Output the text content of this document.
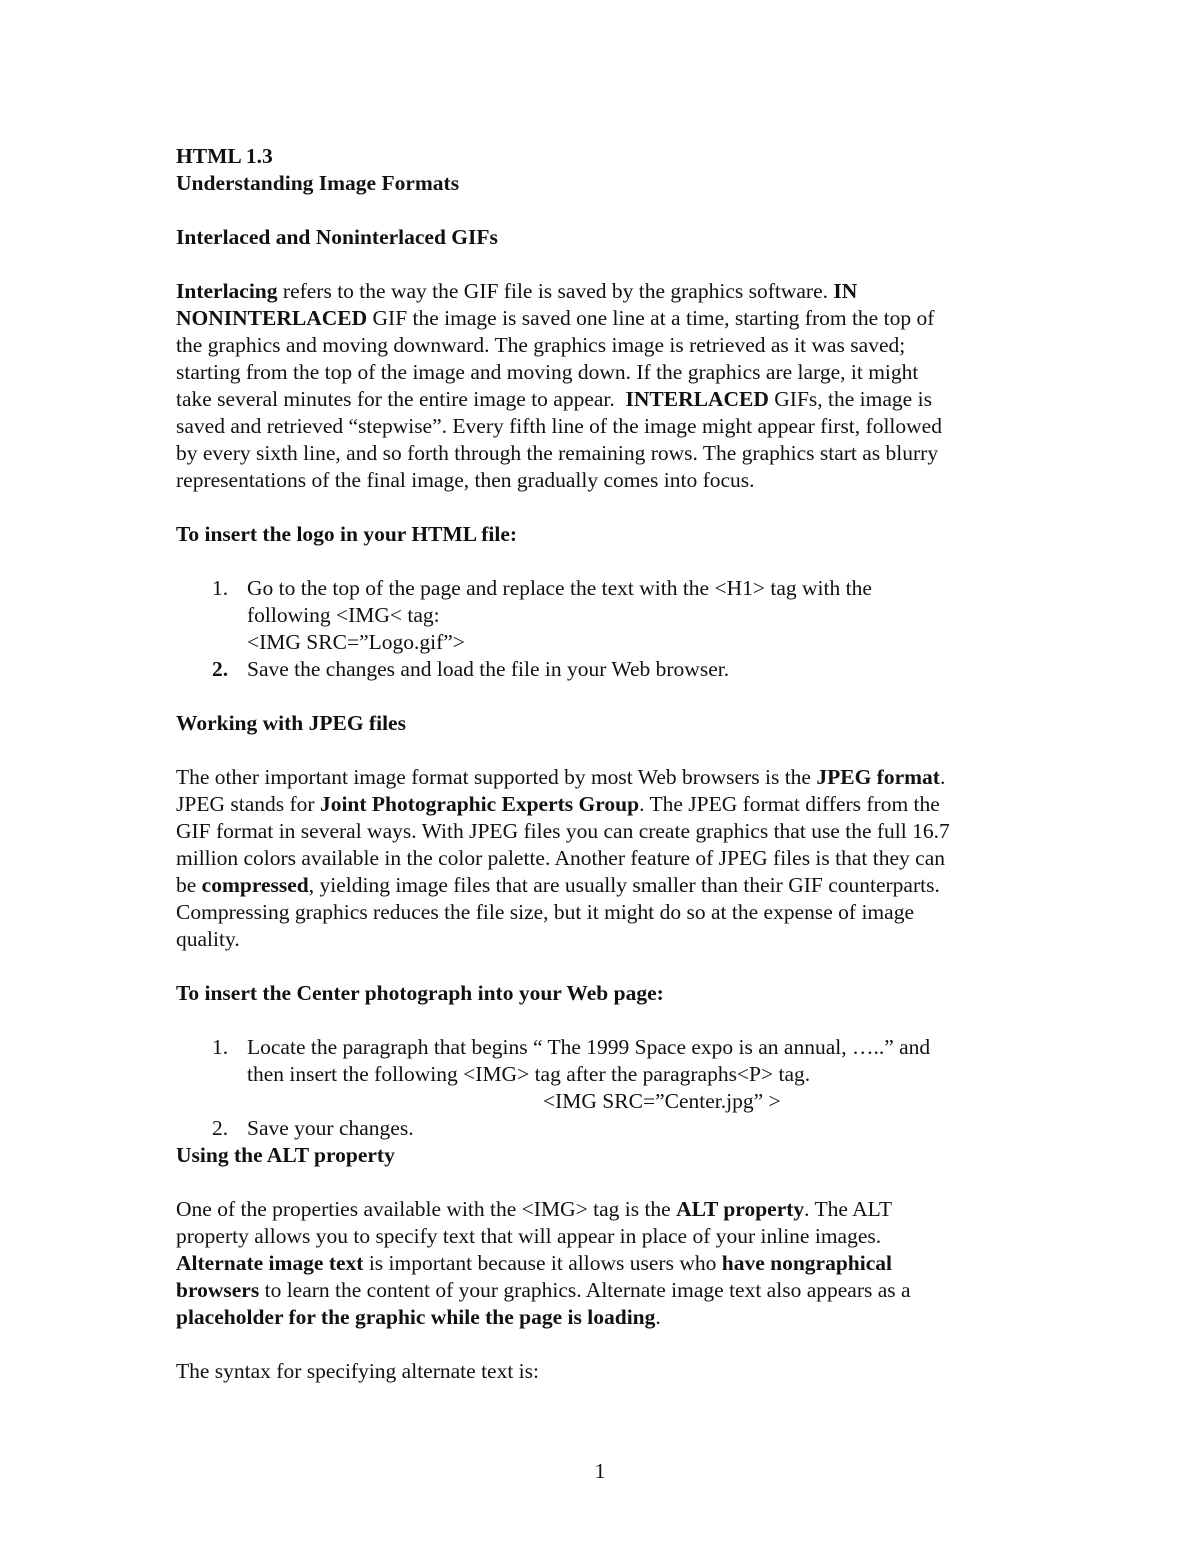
HTML 1.3
Understanding Image Formats
Interlaced and Noninterlaced GIFs
Interlacing refers to the way the GIF file is saved by the graphics software. IN
NONINTERLACED GIF the image is saved one line at a time, starting from the top of
the graphics and moving downward. The graphics image is retrieved as it was saved;
starting from the top of the image and moving down. If the graphics are large, it might
take several minutes for the entire image to appear.  INTERLACED GIFs, the image is
saved and retrieved “stepwise”. Every fifth line of the image might appear first, followed
by every sixth line, and so forth through the remaining rows. The graphics start as blurry
representations of the final image, then gradually comes into focus.
To insert the logo in your HTML file:
1. Go to the top of the page and replace the text with the <H1> tag with the
following <IMG< tag:
<IMG SRC=”Logo.gif”>
2. Save the changes and load the file in your Web browser.
Working with JPEG files
The other important image format supported by most Web browsers is the JPEG format.
JPEG stands for Joint Photographic Experts Group. The JPEG format differs from the
GIF format in several ways. With JPEG files you can create graphics that use the full 16.7
million colors available in the color palette. Another feature of JPEG files is that they can
be compressed, yielding image files that are usually smaller than their GIF counterparts.
Compressing graphics reduces the file size, but it might do so at the expense of image
quality.
To insert the Center photograph into your Web page:
1. Locate the paragraph that begins “ The 1999 Space expo is an annual, …..” and
then insert the following <IMG> tag after the paragraphs<P> tag.
<IMG SRC=”Center.jpg” >
2. Save your changes.
Using the ALT property
One of the properties available with the <IMG> tag is the ALT property. The ALT
property allows you to specify text that will appear in place of your inline images.
Alternate image text is important because it allows users who have nongraphical
browsers to learn the content of your graphics. Alternate image text also appears as a
placeholder for the graphic while the page is loading.
The syntax for specifying alternate text is:
1
